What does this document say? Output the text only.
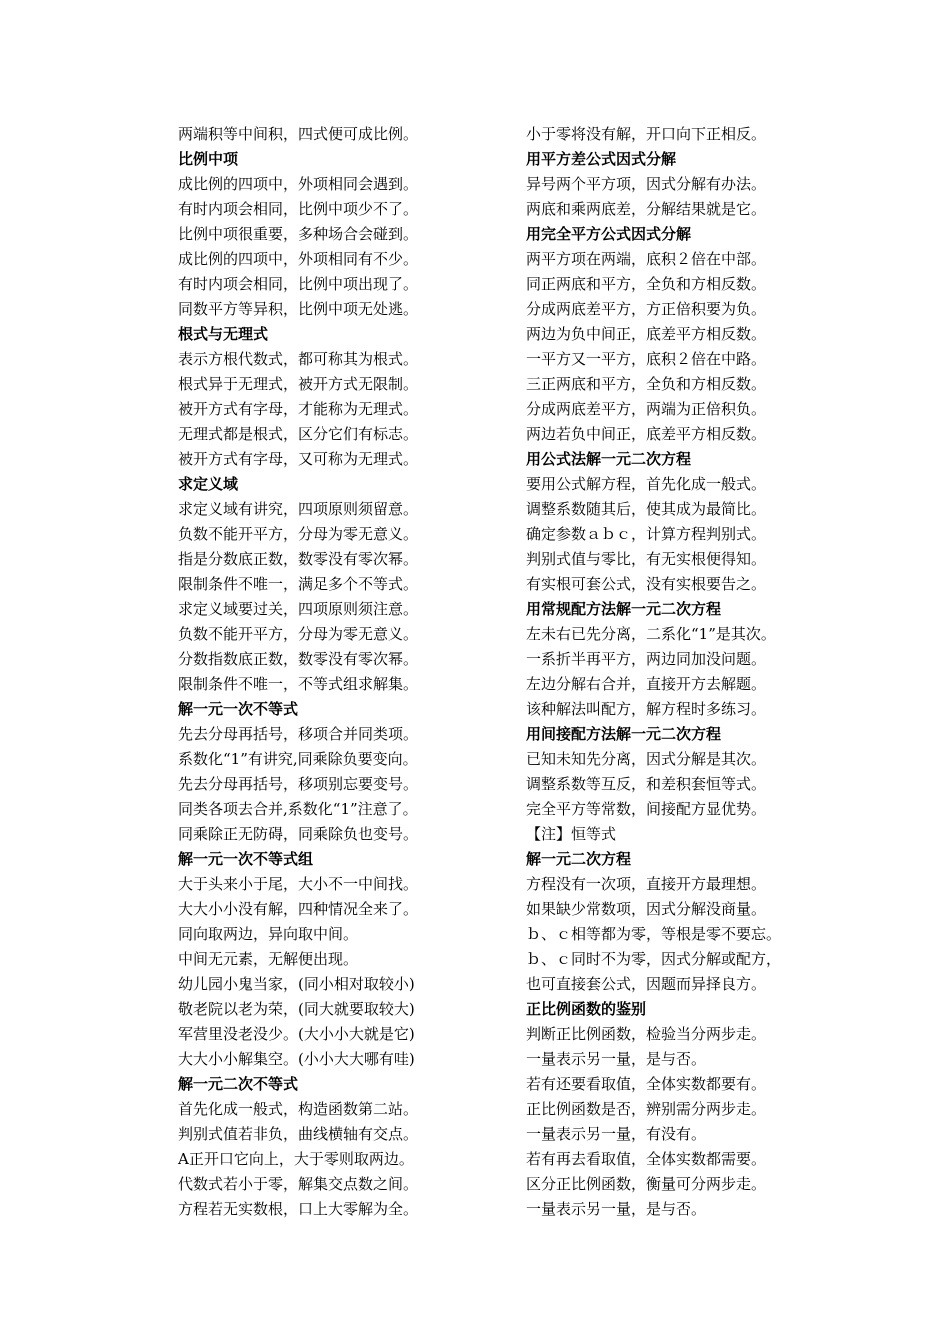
两端积等中间积，四式便可成比例。
比例中项
成比例的四项中，外项相同会遇到。
有时内项会相同，比例中项少不了。
比例中项很重要，多种场合会碰到。
成比例的四项中，外项相同有不少。
有时内项会相同，比例中项出现了。
同数平方等异积，比例中项无处逃。
根式与无理式
表示方根代数式，都可称其为根式。
根式异于无理式，被开方式无限制。
被开方式有字母，才能称为无理式。
无理式都是根式，区分它们有标志。
被开方式有字母，又可称为无理式。
求定义域
求定义域有讲究，四项原则须留意。
负数不能开平方，分母为零无意义。
指是分数底正数，数零没有零次幂。
限制条件不唯一，满足多个不等式。
求定义域要过关，四项原则须注意。
负数不能开平方，分母为零无意义。
分数指数底正数，数零没有零次幂。
限制条件不唯一，不等式组求解集。
解一元一次不等式
先去分母再括号，移项合并同类项。
系数化“1”有讲究,同乘除负要变向。
先去分母再括号，移项别忘要变号。
同类各项去合并,系数化“1”注意了。
同乘除正无防碍，同乘除负也变号。
解一元一次不等式组
大于头来小于尾，大小不一中间找。
大大小小没有解，四种情况全来了。
同向取两边，异向取中间。
中间无元素，无解便出现。
幼儿园小鬼当家，(同小相对取较小)
敬老院以老为荣，(同大就要取较大)
军营里没老没少。(大小小大就是它)
大大小小解集空。(小小大大哪有哇)
解一元二次不等式
首先化成一般式，构造函数第二站。
判别式值若非负，曲线横轴有交点。
A正开口它向上，大于零则取两边。
代数式若小于零，解集交点数之间。
方程若无实数根，口上大零解为全。
小于零将没有解，开口向下正相反。
用平方差公式因式分解
异号两个平方项，因式分解有办法。
两底和乘两底差，分解结果就是它。
用完全平方公式因式分解
两平方项在两端，底积２倍在中部。
同正两底和平方，全负和方相反数。
分成两底差平方，方正倍积要为负。
两边为负中间正，底差平方相反数。
一平方又一平方，底积２倍在中路。
三正两底和平方，全负和方相反数。
分成两底差平方，两端为正倍积负。
两边若负中间正，底差平方相反数。
用公式法解一元二次方程
要用公式解方程，首先化成一般式。
调整系数随其后，使其成为最简比。
确定参数ａｂｃ，计算方程判别式。
判别式值与零比，有无实根便得知。
有实根可套公式，没有实根要告之。
用常规配方法解一元二次方程
左未右已先分离，二系化“1”是其次。
一系折半再平方，两边同加没问题。
左边分解右合并，直接开方去解题。
该种解法叫配方，解方程时多练习。
用间接配方法解一元二次方程
已知未知先分离，因式分解是其次。
调整系数等互反，和差积套恒等式。
完全平方等常数，间接配方显优势。
【注】恒等式
解一元二次方程
方程没有一次项，直接开方最理想。
如果缺少常数项，因式分解没商量。
ｂ、ｃ相等都为零，等根是零不要忘。
ｂ、ｃ同时不为零，因式分解或配方，
也可直接套公式，因题而异择良方。
正比例函数的鉴别
判断正比例函数，检验当分两步走。
一量表示另一量，是与否。
若有还要看取值，全体实数都要有。
正比例函数是否，辨别需分两步走。
一量表示另一量，有没有。
若有再去看取值，全体实数都需要。
区分正比例函数，衡量可分两步走。
一量表示另一量，是与否。
